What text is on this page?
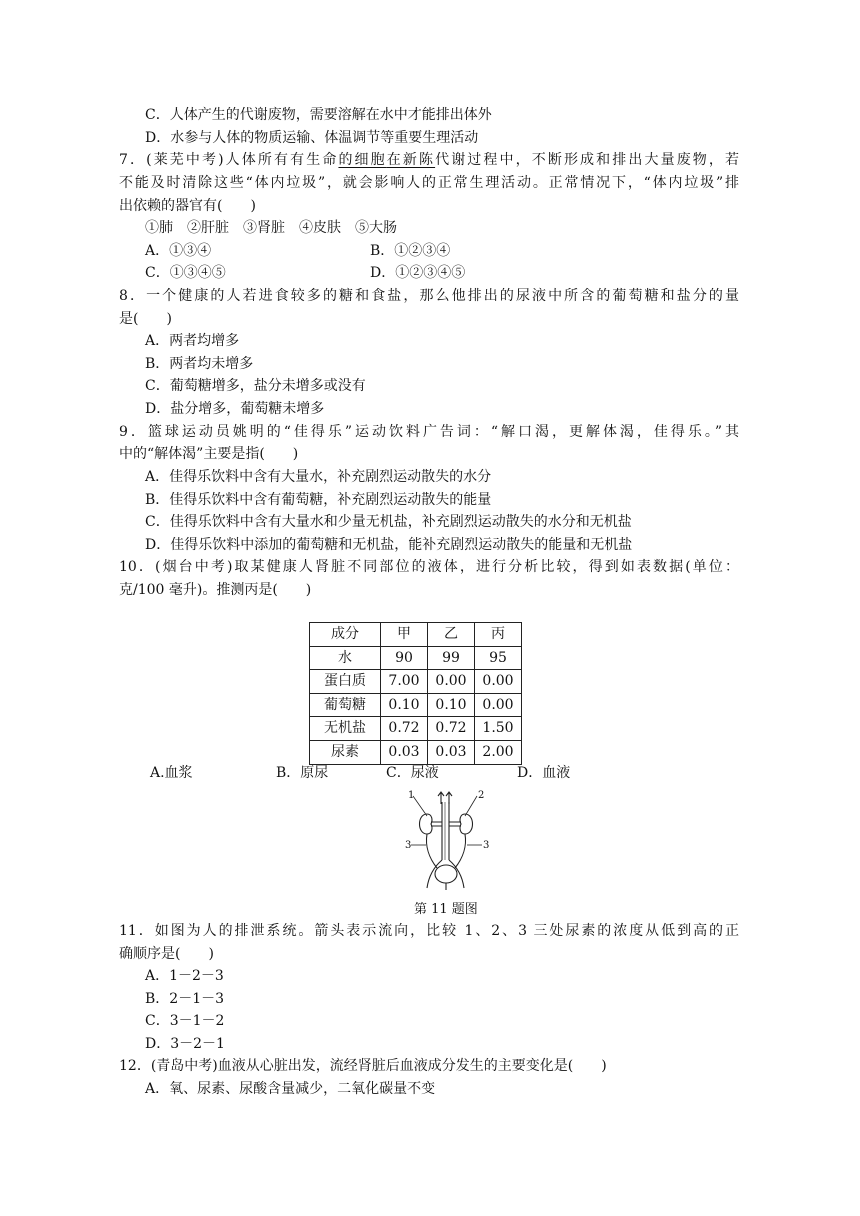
C．人体产生的代谢废物，需要溶解在水中才能排出体外
D．水参与人体的物质运输、体温调节等重要生理活动
7．(莱芜中考)人体所有有生命的细胞在新陈代谢过程中，不断形成和排出大量废物，若
不能及时清除这些“体内垃圾”，就会影响人的正常生理活动。正常情况下，“体内垃圾”排
出依赖的器官有(　　)
①肺　②肝脏　③肾脏　④皮肤　⑤大肠
A．①③④	B．①②③④
C．①③④⑤	D．①②③④⑤
8．一个健康的人若进食较多的糖和食盐，那么他排出的尿液中所含的葡萄糖和盐分的量
是(　　)
A．两者均增多
B．两者均未增多
C．葡萄糖增多，盐分未增多或没有
D．盐分增多，葡萄糖未增多
9．篮球运动员姚明的“佳得乐”运动饮料广告词：“解口渴，更解体渴，佳得乐。”其
中的“解体渴”主要是指(　　)
A．佳得乐饮料中含有大量水，补充剧烈运动散失的水分
B．佳得乐饮料中含有葡萄糖，补充剧烈运动散失的能量
C．佳得乐饮料中含有大量水和少量无机盐，补充剧烈运动散失的水分和无机盐
D．佳得乐饮料中添加的葡萄糖和无机盐，能补充剧烈运动散失的能量和无机盐
10．(烟台中考)取某健康人肾脏不同部位的液体，进行分析比较，得到如表数据(单位：
克/100 毫升)。推测丙是(　　)
成分	甲	乙	丙
水	90	99	95
蛋白质	7.00	0.00	0.00
葡萄糖	0.10	0.10	0.00
无机盐	0.72	0.72	1.50
尿素	0.03	0.03	2.00
A.血浆	B．原尿	C．尿液	D．血液
1	2
3	3
第 11 题图
11．如图为人的排泄系统。箭头表示流向，比较 1、2、3 三处尿素的浓度从低到高的正
确顺序是(　　)
A．1－2－3
B．2－1－3
C．3－1－2
D．3－2－1
12．(青岛中考)血液从心脏出发，流经肾脏后血液成分发生的主要变化是(　　)
A．氧、尿素、尿酸含量减少，二氧化碳量不变
